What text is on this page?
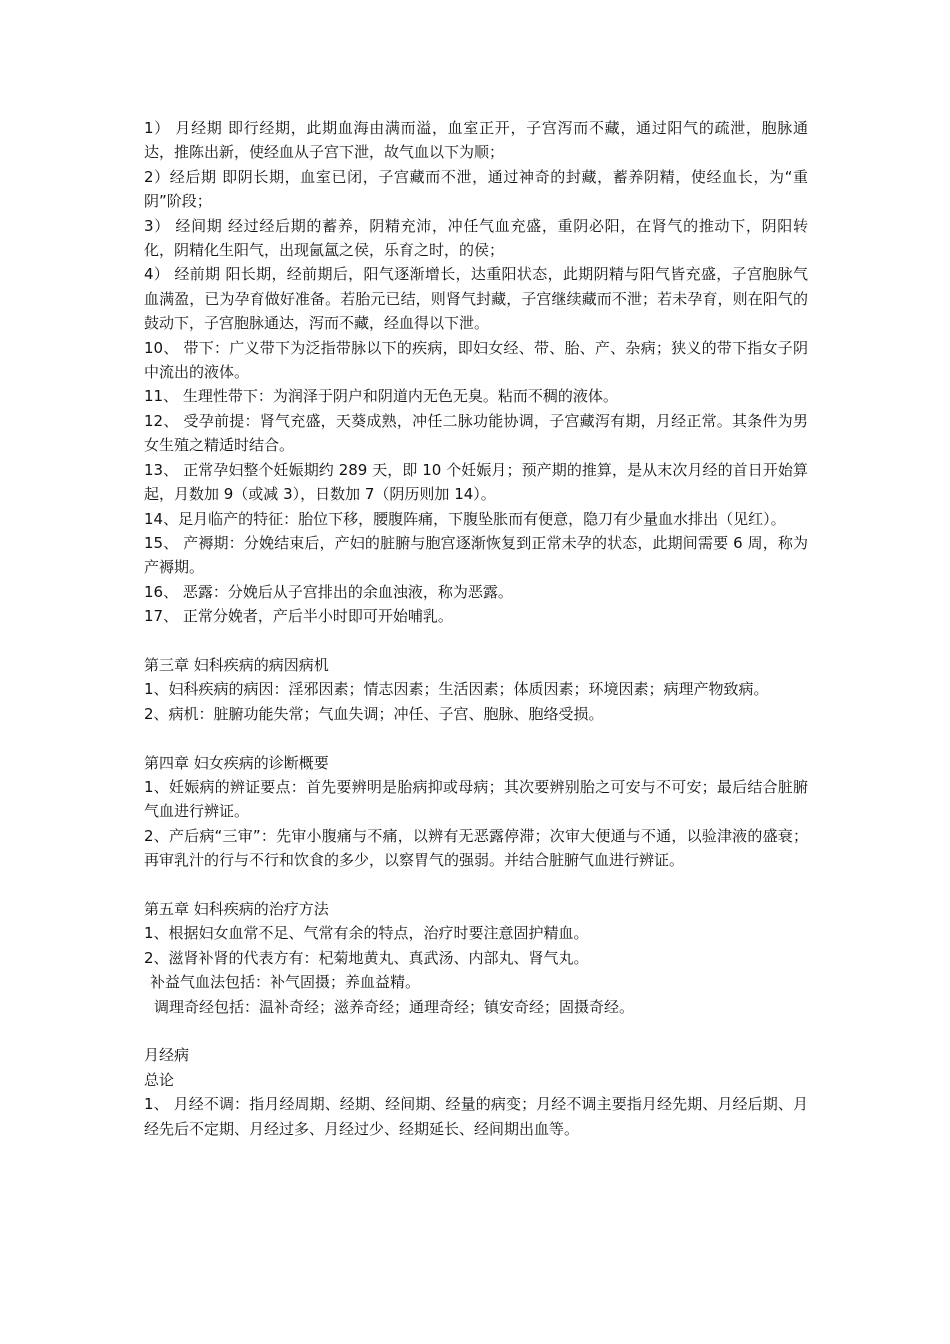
1） 月经期 即行经期，此期血海由满而溢，血室正开，子宫泻而不藏，通过阳气的疏泄，胞脉通达，推陈出新，使经血从子宫下泄，故气血以下为顺；

2）经后期 即阴长期，血室已闭，子宫藏而不泄，通过神奇的封藏，蓄养阴精，使经血长，为“重阴”阶段；

3） 经间期 经过经后期的蓄养，阴精充沛，冲任气血充盛，重阴必阳，在肾气的推动下，阴阳转化，阴精化生阳气，出现氤氲之侯，乐育之时，的侯；

4） 经前期 阳长期，经前期后，阳气逐渐增长，达重阳状态，此期阴精与阳气皆充盛，子宫胞脉气血满盈，已为孕育做好准备。若胎元已结，则肾气封藏，子宫继续藏而不泄；若未孕育，则在阳气的鼓动下，子宫胞脉通达，泻而不藏，经血得以下泄。

10、 带下：广义带下为泛指带脉以下的疾病，即妇女经、带、胎、产、杂病；狭义的带下指女子阴中流出的液体。

11、 生理性带下：为润泽于阴户和阴道内无色无臭。粘而不稠的液体。

12、 受孕前提：肾气充盛，天葵成熟，冲任二脉功能协调，子宫藏泻有期，月经正常。其条件为男女生殖之精适时结合。

13、 正常孕妇整个妊娠期约 289 天，即 10 个妊娠月；预产期的推算，是从末次月经的首日开始算起，月数加 9（或减 3），日数加 7（阴历则加 14）。

14、足月临产的特征：胎位下移，腰腹阵痛，下腹坠胀而有便意，隐刀有少量血水排出（见红）。

15、 产褥期：分娩结束后，产妇的脏腑与胞宫逐渐恢复到正常未孕的状态，此期间需要 6 周，称为产褥期。

16、 恶露：分娩后从子宫排出的余血浊液，称为恶露。

17、 正常分娩者，产后半小时即可开始哺乳。

第三章 妇科疾病的病因病机

1、妇科疾病的病因：淫邪因素；情志因素；生活因素；体质因素；环境因素；病理产物致病。

2、病机：脏腑功能失常；气血失调；冲任、子宫、胞脉、胞络受损。

第四章 妇女疾病的诊断概要

1、妊娠病的辨证要点：首先要辨明是胎病抑或母病；其次要辨别胎之可安与不可安；最后结合脏腑气血进行辨证。

2、产后病“三审”：先审小腹痛与不痛，以辨有无恶露停滞；次审大便通与不通，以验津液的盛衰；再审乳汁的行与不行和饮食的多少，以察胃气的强弱。并结合脏腑气血进行辨证。

第五章 妇科疾病的治疗方法

1、根据妇女血常不足、气常有余的特点，治疗时要注意固护精血。

2、滋肾补肾的代表方有：杞菊地黄丸、真武汤、内部丸、肾气丸。

补益气血法包括：补气固摄；养血益精。

调理奇经包括：温补奇经；滋养奇经；通理奇经；镇安奇经；固摄奇经。

月经病

总论

1、 月经不调：指月经周期、经期、经间期、经量的病变；月经不调主要指月经先期、月经后期、月经先后不定期、月经过多、月经过少、经期延长、经间期出血等。
